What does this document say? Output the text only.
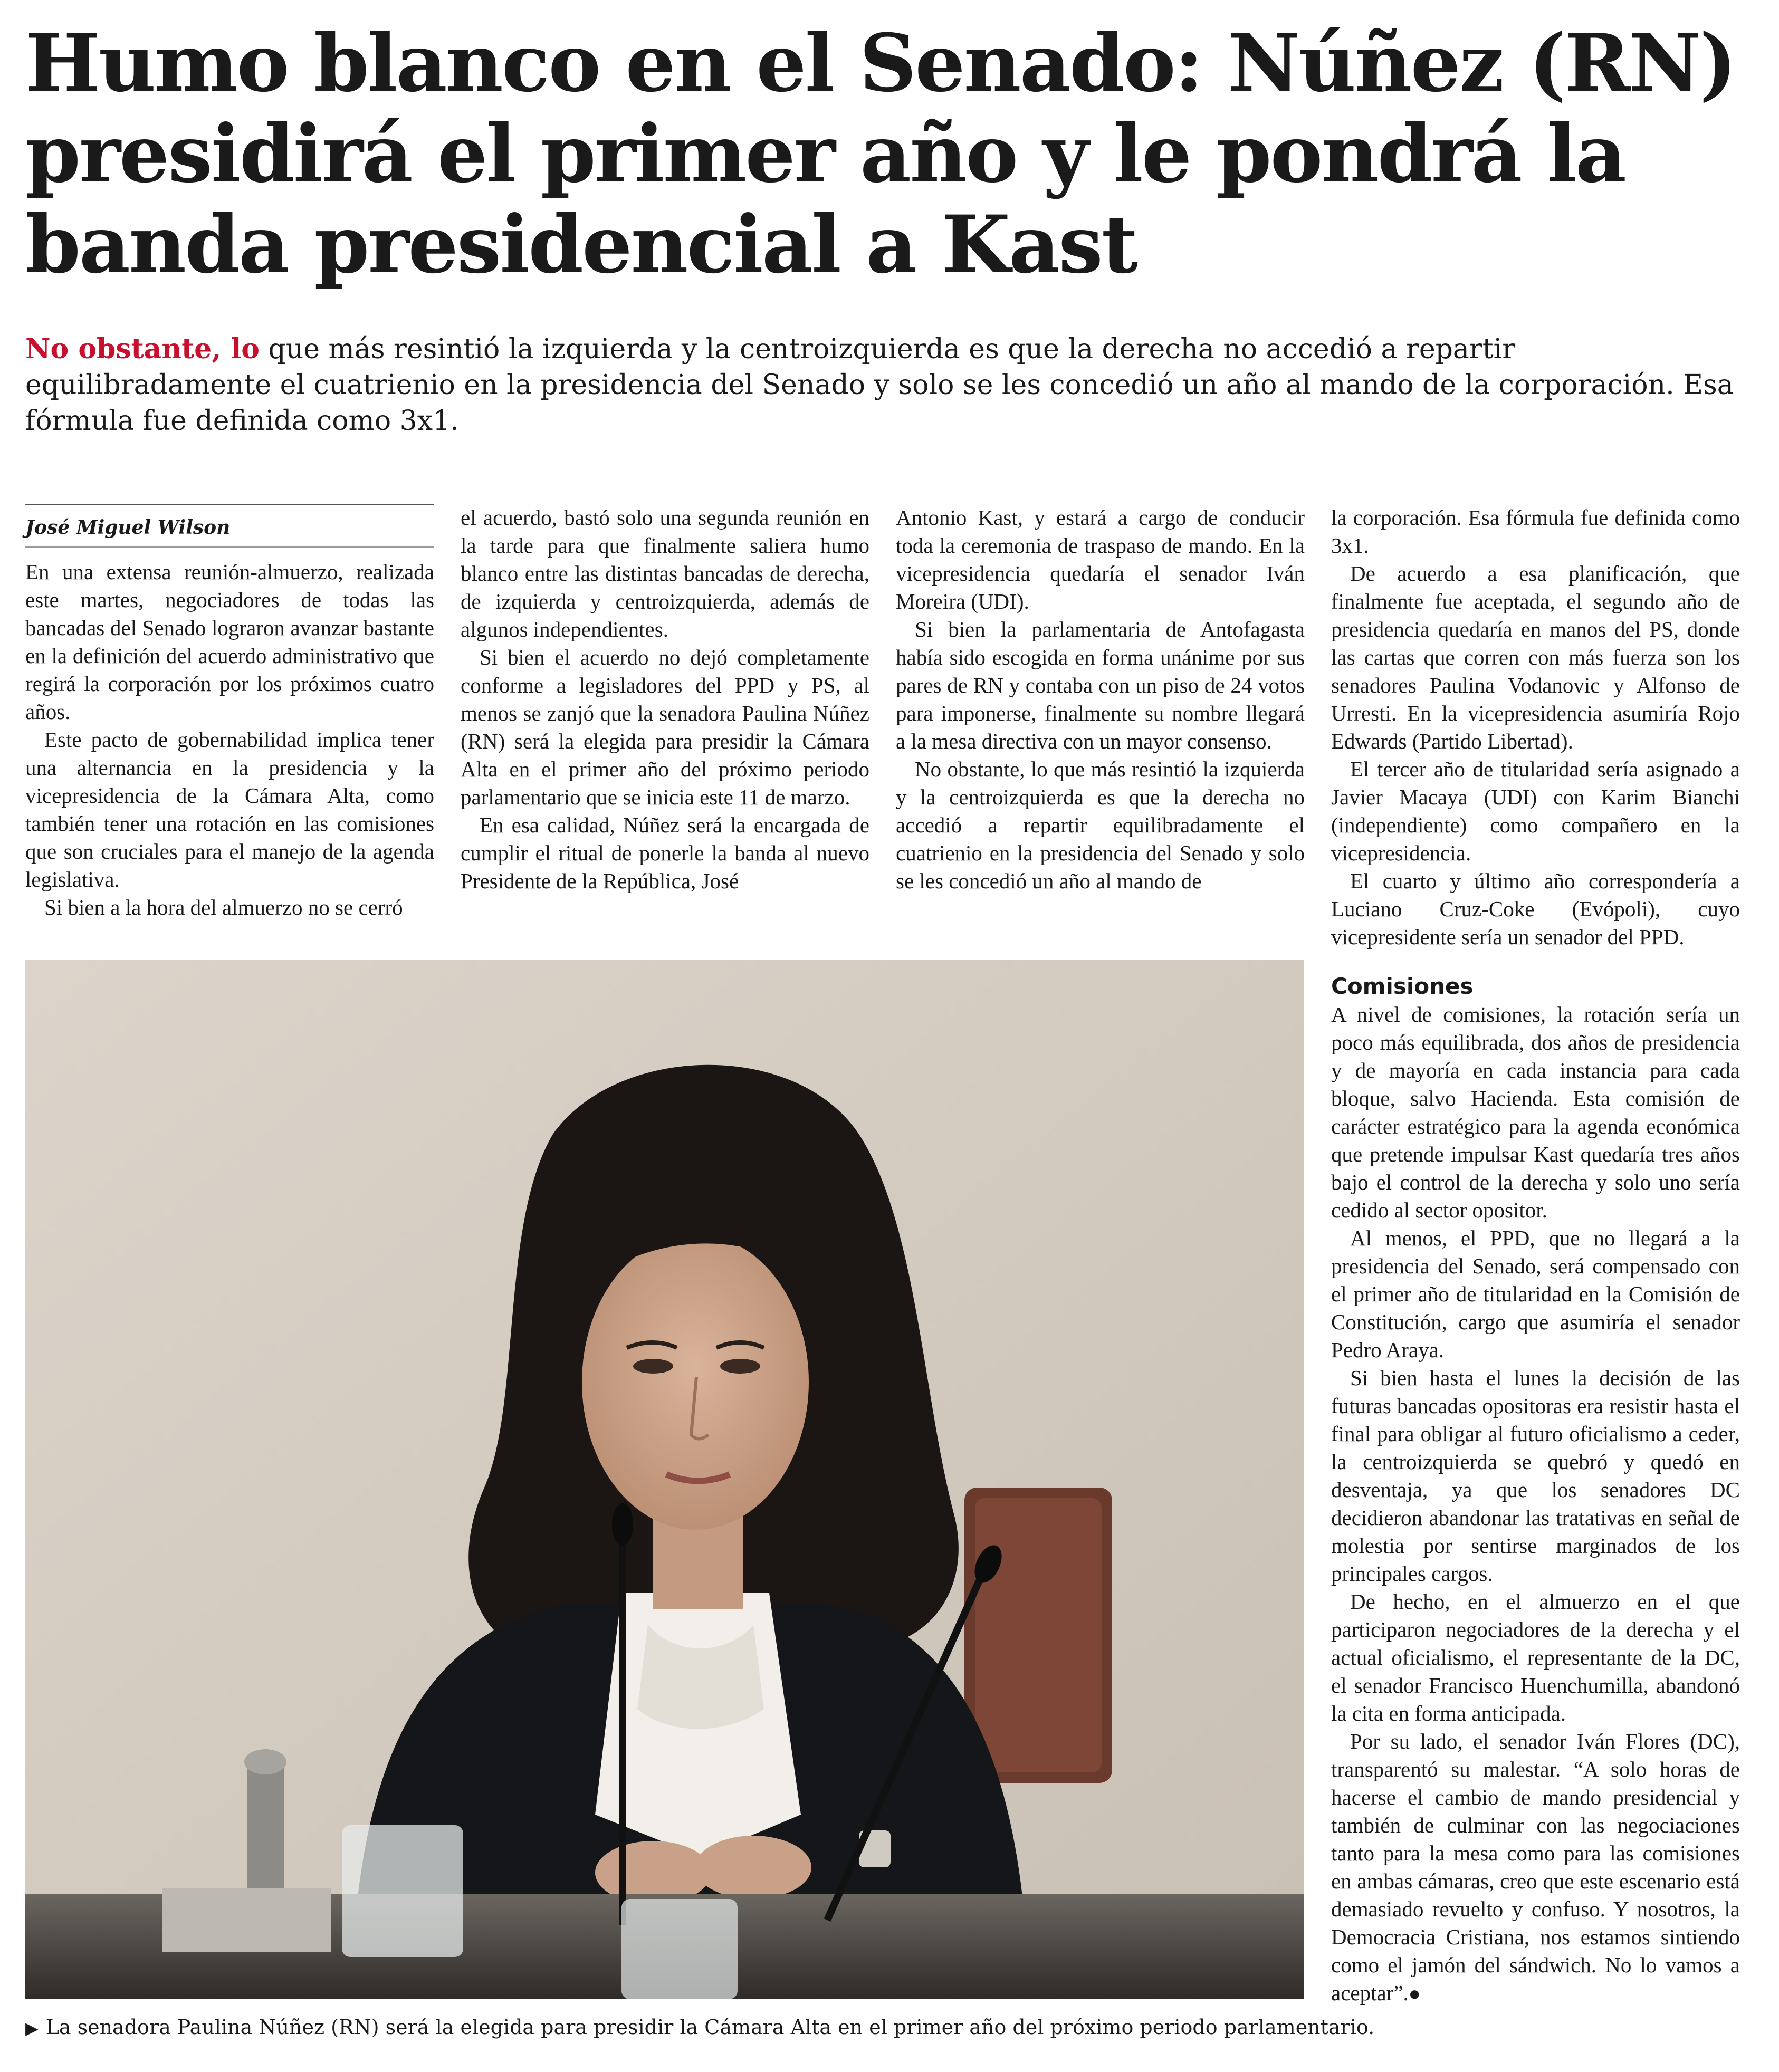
Humo blanco en el Senado: Núñez (RN) presidirá el primer año y le pondrá la banda presidencial a Kast

No obstante, lo que más resintió la izquierda y la centroizquierda es que la derecha no accedió a repartir equilibradamente el cuatrienio en la presidencia del Senado y solo se les concedió un año al mando de la corporación. Esa fórmula fue definida como 3x1.

José Miguel Wilson

En una extensa reunión-almuerzo, realizada este martes, negociadores de todas las bancadas del Senado lograron avanzar bastante en la definición del acuerdo administrativo que regirá la corporación por los próximos cuatro años.

Este pacto de gobernabilidad implica tener una alternancia en la presidencia y la vicepresidencia de la Cámara Alta, como también tener una rotación en las comisiones que son cruciales para el manejo de la agenda legislativa.

Si bien a la hora del almuerzo no se cerró

el acuerdo, bastó solo una segunda reunión en la tarde para que finalmente saliera humo blanco entre las distintas bancadas de derecha, de izquierda y centroizquierda, además de algunos independientes.

Si bien el acuerdo no dejó completamente conforme a legisladores del PPD y PS, al menos se zanjó que la senadora Paulina Núñez (RN) será la elegida para presidir la Cámara Alta en el primer año del próximo periodo parlamentario que se inicia este 11 de marzo.

En esa calidad, Núñez será la encargada de cumplir el ritual de ponerle la banda al nuevo Presidente de la República, José

Antonio Kast, y estará a cargo de conducir toda la ceremonia de traspaso de mando. En la vicepresidencia quedaría el senador Iván Moreira (UDI).

Si bien la parlamentaria de Antofagasta había sido escogida en forma unánime por sus pares de RN y contaba con un piso de 24 votos para imponerse, finalmente su nombre llegará a la mesa directiva con un mayor consenso.

No obstante, lo que más resintió la izquierda y la centroizquierda es que la derecha no accedió a repartir equilibradamente el cuatrienio en la presidencia del Senado y solo se les concedió un año al mando de

la corporación. Esa fórmula fue definida como 3x1.

De acuerdo a esa planificación, que finalmente fue aceptada, el segundo año de presidencia quedaría en manos del PS, donde las cartas que corren con más fuerza son los senadores Paulina Vodanovic y Alfonso de Urresti. En la vicepresidencia asumiría Rojo Edwards (Partido Libertad).

El tercer año de titularidad sería asignado a Javier Macaya (UDI) con Karim Bianchi (independiente) como compañero en la vicepresidencia.

El cuarto y último año correspondería a Luciano Cruz-Coke (Evópoli), cuyo vicepresidente sería un senador del PPD.

Comisiones

A nivel de comisiones, la rotación sería un poco más equilibrada, dos años de presidencia y de mayoría en cada instancia para cada bloque, salvo Hacienda. Esta comisión de carácter estratégico para la agenda económica que pretende impulsar Kast quedaría tres años bajo el control de la derecha y solo uno sería cedido al sector opositor.

Al menos, el PPD, que no llegará a la presidencia del Senado, será compensado con el primer año de titularidad en la Comisión de Constitución, cargo que asumiría el senador Pedro Araya.

Si bien hasta el lunes la decisión de las futuras bancadas opositoras era resistir hasta el final para obligar al futuro oficialismo a ceder, la centroizquierda se quebró y quedó en desventaja, ya que los senadores DC decidieron abandonar las tratativas en señal de molestia por sentirse marginados de los principales cargos.

De hecho, en el almuerzo en el que participaron negociadores de la derecha y el actual oficialismo, el representante de la DC, el senador Francisco Huenchumilla, abandonó la cita en forma anticipada.

Por su lado, el senador Iván Flores (DC), transparentó su malestar. “A solo horas de hacerse el cambio de mando presidencial y también de culminar con las negociaciones tanto para la mesa como para las comisiones en ambas cámaras, creo que este escenario está demasiado revuelto y confuso. Y nosotros, la Democracia Cristiana, nos estamos sintiendo como el jamón del sándwich. No lo vamos a aceptar”.●

▶ La senadora Paulina Núñez (RN) será la elegida para presidir la Cámara Alta en el primer año del próximo periodo parlamentario.
